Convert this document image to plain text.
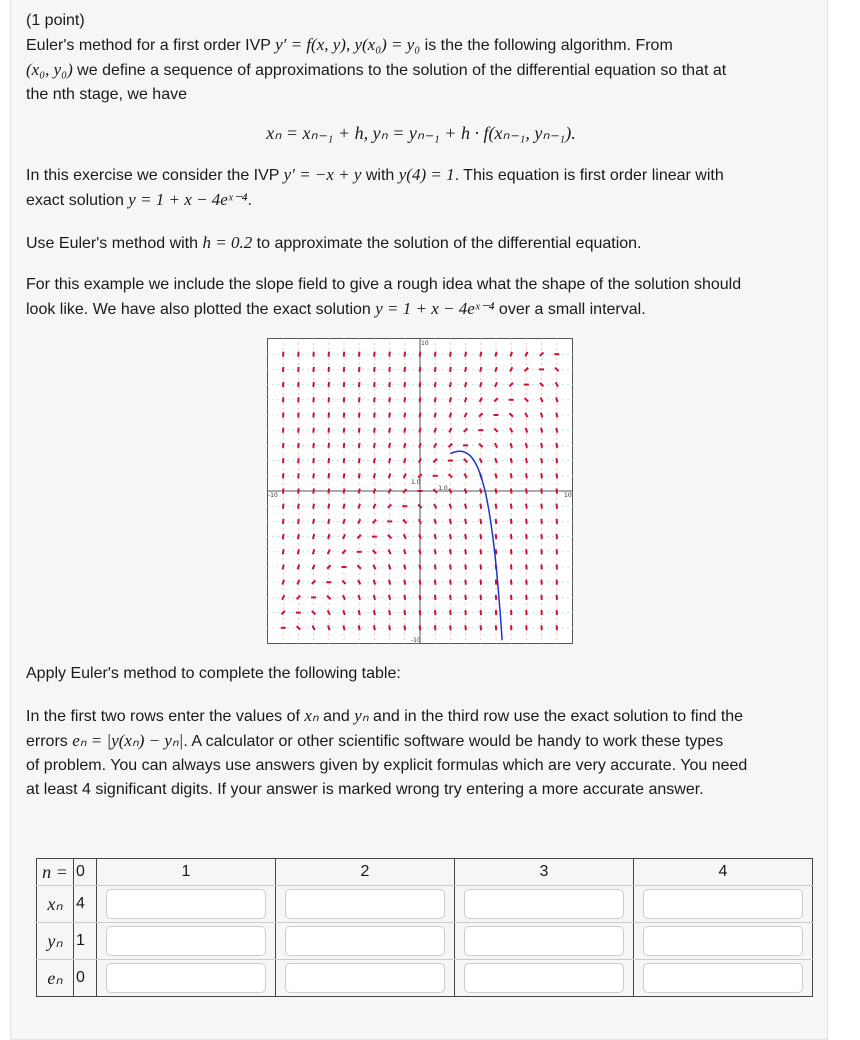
(1 point)
Euler's method for a first order IVP y′ = f(x, y), y(x₀) = y₀ is the the following algorithm. From
(x₀, y₀) we define a sequence of approximations to the solution of the differential equation so that at
the nth stage, we have
xₙ = xₙ₋₁ + h, yₙ = yₙ₋₁ + h · f(xₙ₋₁, yₙ₋₁).
In this exercise we consider the IVP y′ = −x + y with y(4) = 1. This equation is first order linear with
exact solution y = 1 + x − 4eˣ⁻⁴.
Use Euler's method with h = 0.2 to approximate the solution of the differential equation.
For this example we include the slope field to give a rough idea what the shape of the solution should
look like. We have also plotted the exact solution y = 1 + x − 4eˣ⁻⁴ over a small interval.
10
-10
-10	10
1.0
1.0
Apply Euler's method to complete the following table:
In the first two rows enter the values of xₙ and yₙ and in the third row use the exact solution to find the
errors eₙ = |y(xₙ) − yₙ|. A calculator or other scientific software would be handy to work these types
of problem. You can always use answers given by explicit formulas which are very accurate. You need
at least 4 significant digits. If your answer is marked wrong try entering a more accurate answer.
n =	0	1	2	3	4
xₙ	4				
yₙ	1				
eₙ	0				
